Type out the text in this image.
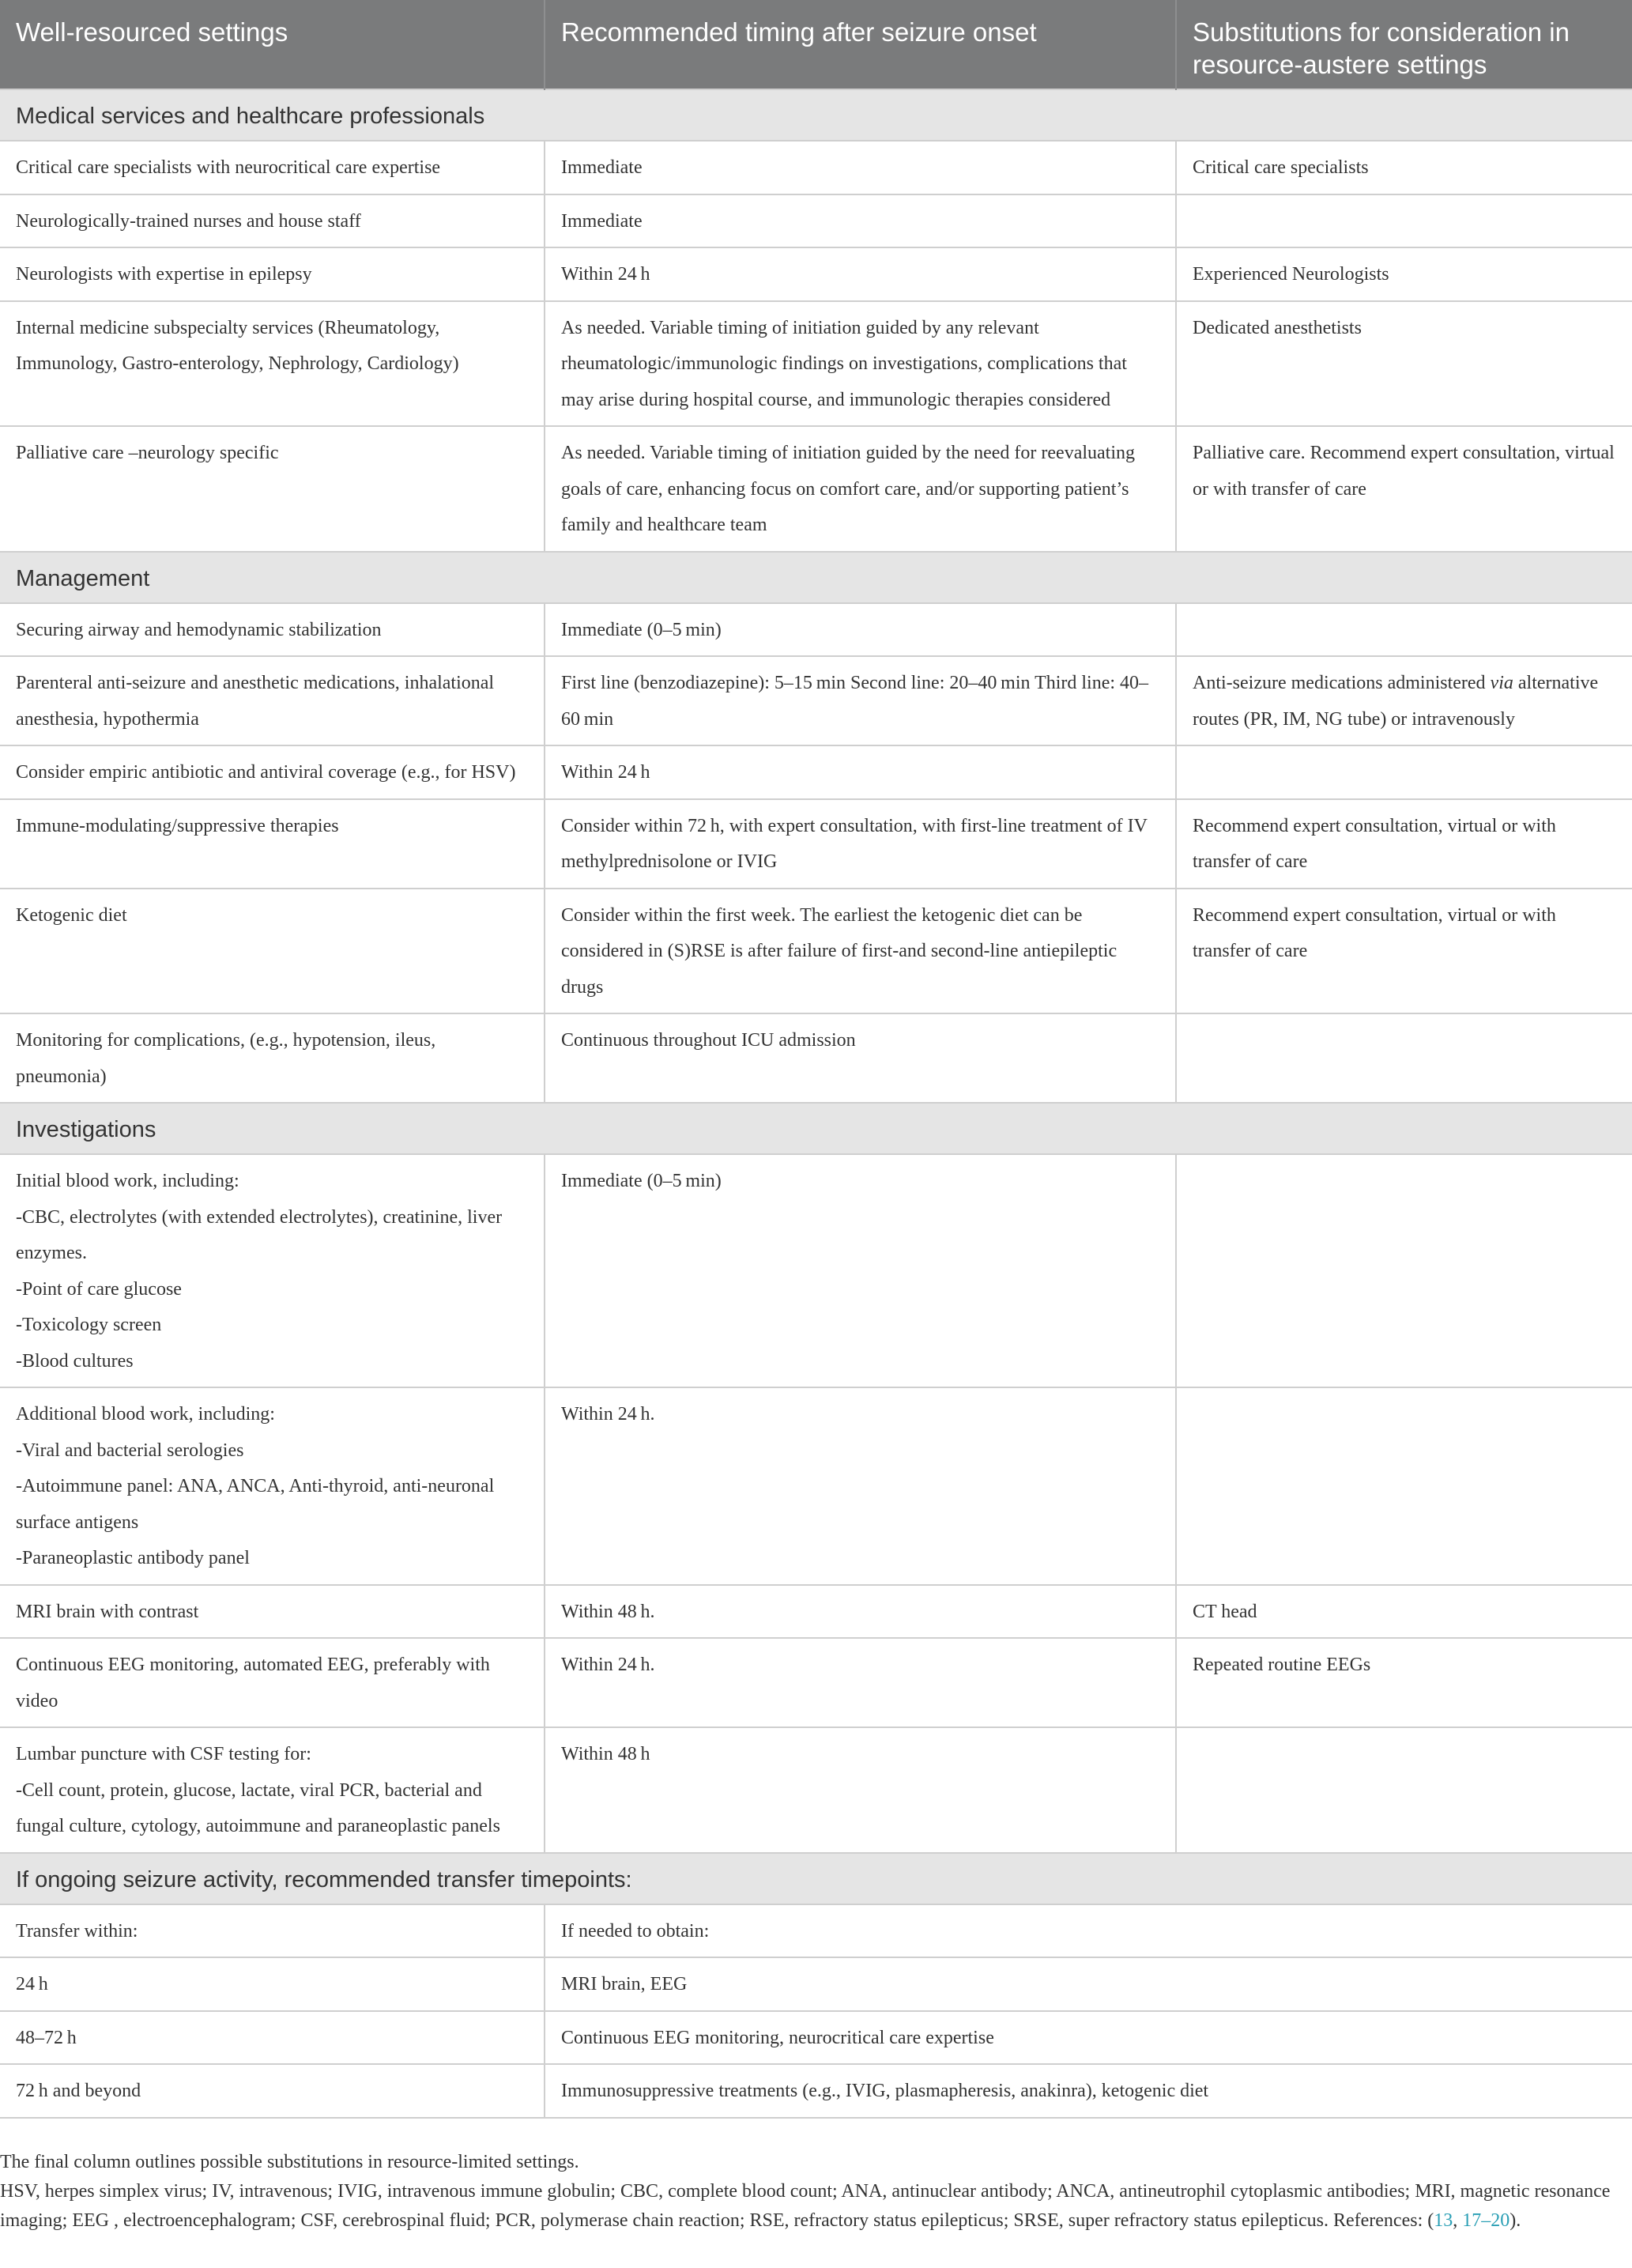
Well-resourced settings	Recommended timing after seizure onset	Substitutions for consideration in resource-austere settings
Medical services and healthcare professionals		
Critical care specialists with neurocritical care expertise	Immediate	Critical care specialists
Neurologically-trained nurses and house staff	Immediate	
Neurologists with expertise in epilepsy	Within 24 h	Experienced Neurologists
Internal medicine subspecialty services (Rheumatology, Immunology, Gastro-enterology, Nephrology, Cardiology)	As needed. Variable timing of initiation guided by any relevant rheumatologic/immunologic findings on investigations, complications that may arise during hospital course, and immunologic therapies considered	Dedicated anesthetists
Palliative care –neurology specific	As needed. Variable timing of initiation guided by the need for reevaluating goals of care, enhancing focus on comfort care, and/or supporting patient’s family and healthcare team	Palliative care. Recommend expert consultation, virtual or with transfer of care
Management		
Securing airway and hemodynamic stabilization	Immediate (0–5 min)	
Parenteral anti-seizure and anesthetic medications, inhalational anesthesia, hypothermia	First line (benzodiazepine): 5–15 min Second line: 20–40 min Third line: 40–60 min	Anti-seizure medications administered via alternative routes (PR, IM, NG tube) or intravenously
Consider empiric antibiotic and antiviral coverage (e.g., for HSV)	Within 24 h	
Immune-modulating/suppressive therapies	Consider within 72 h, with expert consultation, with first-line treatment of IV methylprednisolone or IVIG	Recommend expert consultation, virtual or with transfer of care
Ketogenic diet	Consider within the first week. The earliest the ketogenic diet can be considered in (S)RSE is after failure of first-and second-line antiepileptic drugs	Recommend expert consultation, virtual or with transfer of care
Monitoring for complications, (e.g., hypotension, ileus, pneumonia)	Continuous throughout ICU admission	
Investigations		

Initial blood work, including:
-CBC, electrolytes (with extended electrolytes), creatinine, liver enzymes.
-Point of care glucose
-Toxicology screen
-Blood cultures	Immediate (0–5 min)	

Additional blood work, including:
-Viral and bacterial serologies
-Autoimmune panel: ANA, ANCA, Anti-thyroid, anti-neuronal surface antigens
-Paraneoplastic antibody panel	Within 24 h.	
MRI brain with contrast	Within 48 h.	CT head
Continuous EEG monitoring, automated EEG, preferably with video	Within 24 h.	Repeated routine EEGs

Lumbar puncture with CSF testing for:
-Cell count, protein, glucose, lactate, viral PCR, bacterial and fungal culture, cytology, autoimmune and paraneoplastic panels	Within 48 h	
If ongoing seizure activity, recommended transfer timepoints:		
Transfer within:	If needed to obtain:	
24 h	MRI brain, EEG	
48–72 h	Continuous EEG monitoring, neurocritical care expertise	
72 h and beyond	Immunosuppressive treatments (e.g., IVIG, plasmapheresis, anakinra), ketogenic diet	

The final column outlines possible substitutions in resource-limited settings.

HSV, herpes simplex virus; IV, intravenous; IVIG, intravenous immune globulin; CBC, complete blood count; ANA, antinuclear antibody; ANCA, antineutrophil cytoplasmic antibodies; MRI, magnetic resonance imaging; EEG , electroencephalogram; CSF, cerebrospinal fluid; PCR, polymerase chain reaction; RSE, refractory status epilepticus; SRSE, super refractory status epilepticus. References: (13, 17–20).
